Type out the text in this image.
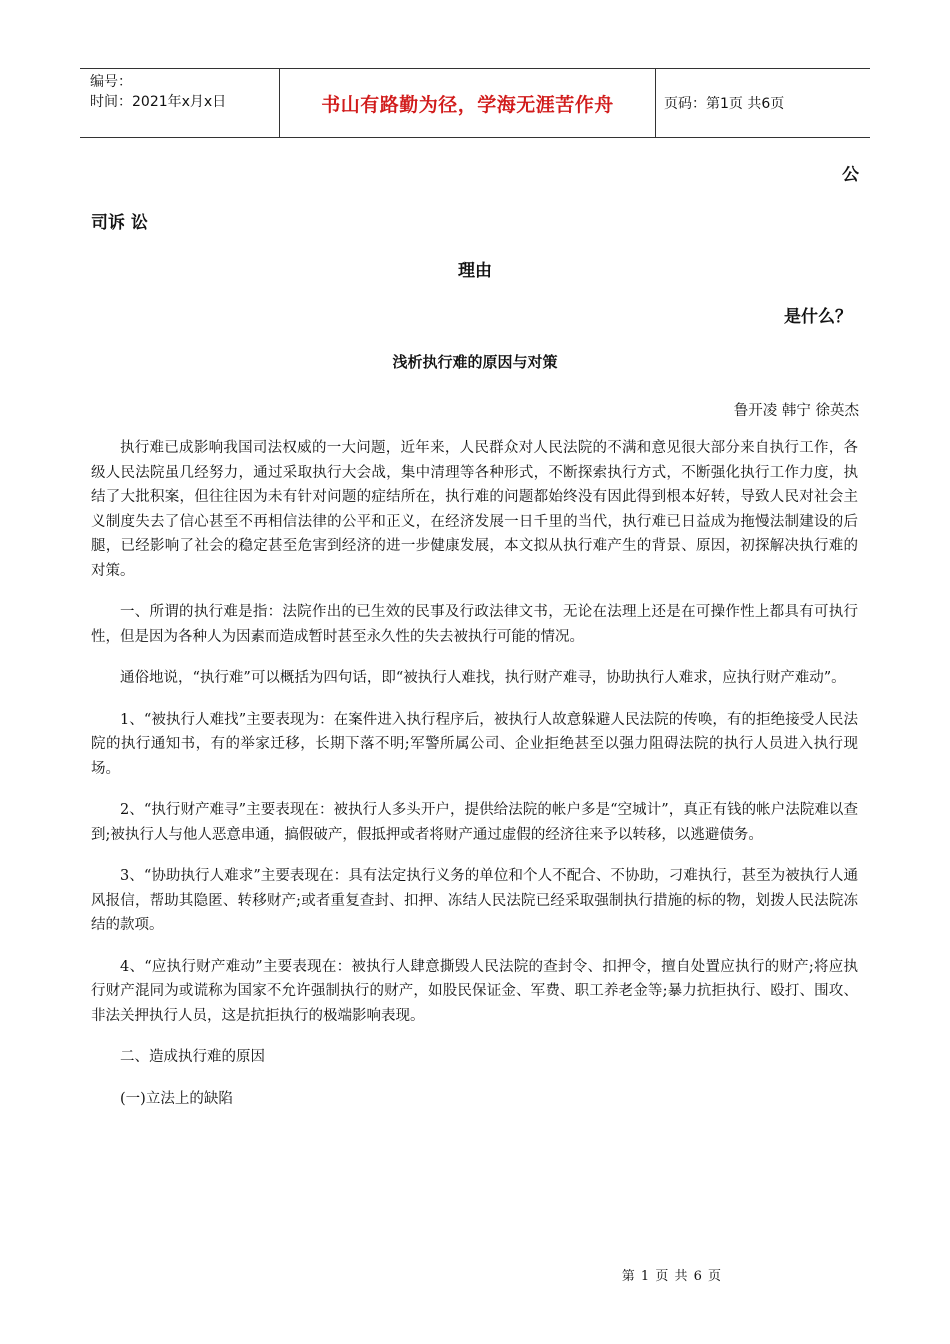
编号：
时间：2021年x月x日	书山有路勤为径，学海无涯苦作舟	页码：第1页 共6页
公
司诉 讼
理由
是什么？
浅析执行难的原因与对策
鲁开凌 韩宁 徐英杰

执行难已成影响我国司法权威的一大问题，近年来，人民群众对人民法院的不满和意见很大部分来自执行工作，各级人民法院虽几经努力，通过采取执行大会战，集中清理等各种形式，不断探索执行方式，不断强化执行工作力度，执结了大批积案，但往往因为未有针对问题的症结所在，执行难的问题都始终没有因此得到根本好转，导致人民对社会主义制度失去了信心甚至不再相信法律的公平和正义，在经济发展一日千里的当代，执行难已日益成为拖慢法制建设的后腿，已经影响了社会的稳定甚至危害到经济的进一步健康发展，本文拟从执行难产生的背景、原因，初探解决执行难的对策。

一、所谓的执行难是指：法院作出的已生效的民事及行政法律文书，无论在法理上还是在可操作性上都具有可执行性，但是因为各种人为因素而造成暂时甚至永久性的失去被执行可能的情况。

通俗地说，“执行难”可以概括为四句话，即“被执行人难找，执行财产难寻，协助执行人难求，应执行财产难动”。

1、“被执行人难找”主要表现为：在案件进入执行程序后，被执行人故意躲避人民法院的传唤，有的拒绝接受人民法院的执行通知书，有的举家迁移，长期下落不明;军警所属公司、企业拒绝甚至以强力阻碍法院的执行人员进入执行现场。

2、“执行财产难寻”主要表现在：被执行人多头开户，提供给法院的帐户多是“空城计”，真正有钱的帐户法院难以查到;被执行人与他人恶意串通，搞假破产，假抵押或者将财产通过虚假的经济往来予以转移，以逃避债务。

3、“协助执行人难求”主要表现在：具有法定执行义务的单位和个人不配合、不协助，刁难执行，甚至为被执行人通风报信，帮助其隐匿、转移财产;或者重复查封、扣押、冻结人民法院已经采取强制执行措施的标的物，划拨人民法院冻结的款项。

4、“应执行财产难动”主要表现在：被执行人肆意撕毁人民法院的查封令、扣押令，擅自处置应执行的财产;将应执行财产混同为或谎称为国家不允许强制执行的财产，如股民保证金、军费、职工养老金等;暴力抗拒执行、殴打、围攻、非法关押执行人员，这是抗拒执行的极端影响表现。

二、造成执行难的原因

(一)立法上的缺陷

第 1 页 共 6 页
